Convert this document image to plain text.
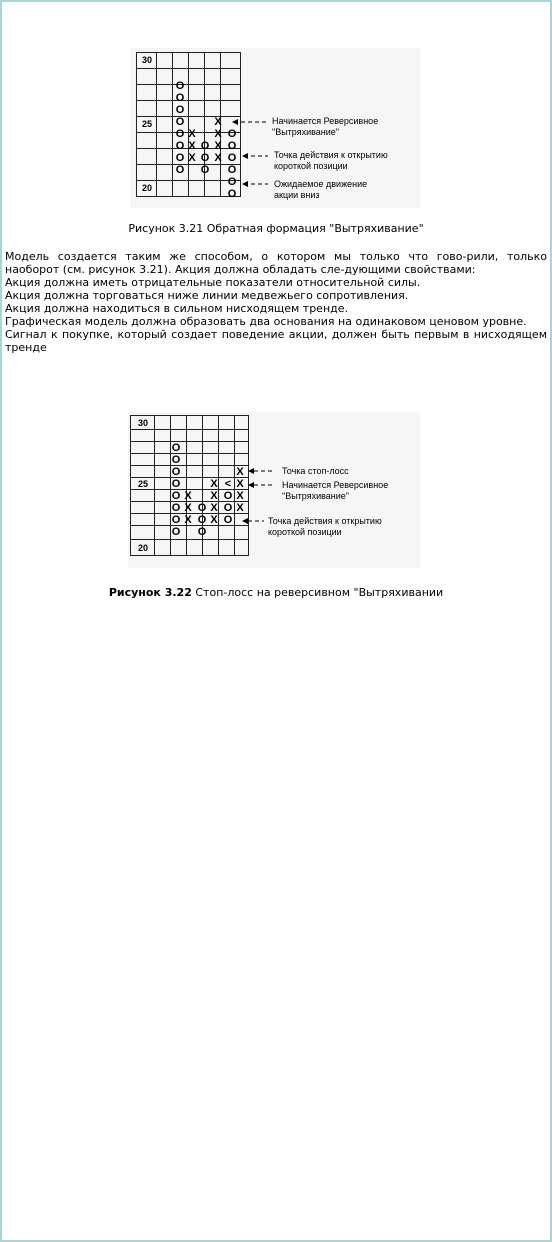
30
25
20
O
O
O
O
O
O
O
O
X
X
X
O
O
O
X
X
X
X
O
O
O
O
O
O
Начинается Реверсивное
"Вытряхивание"
Точка действия к открытию
короткой позиции
Ожидаемое движение
акции вниз
Рисунок 3.21 Обратная формация "Вытряхивание"

Модель создается таким же способом, о котором мы только что гово-рили, только наоборот (см. рисунок 3.21). Акция должна обладать сле-дующими свойствами:

Акция должна иметь отрицательные показатели относительной силы.

Акция должна торговаться ниже линии медвежьего сопротивления.

Акция должна находиться в сильном нисходящем тренде.

Графическая модель должна образовать два основания на одинаковом ценовом уровне.

Сигнал к покупке, который создает поведение акции, должен быть первым в нисходящем тренде

30
25
20
O
O
O
O
O
O
O
O
X
X
X
O
O
O
X
X
X
X
<
O
O
O
X
X
X
X
Точка стоп-лосс
Начинается Реверсивное
"Вытряхивание"
Точка действия к открытию
короткой позиции
Рисунок 3.22 Стоп-лосс на реверсивном "Вытряхивании
